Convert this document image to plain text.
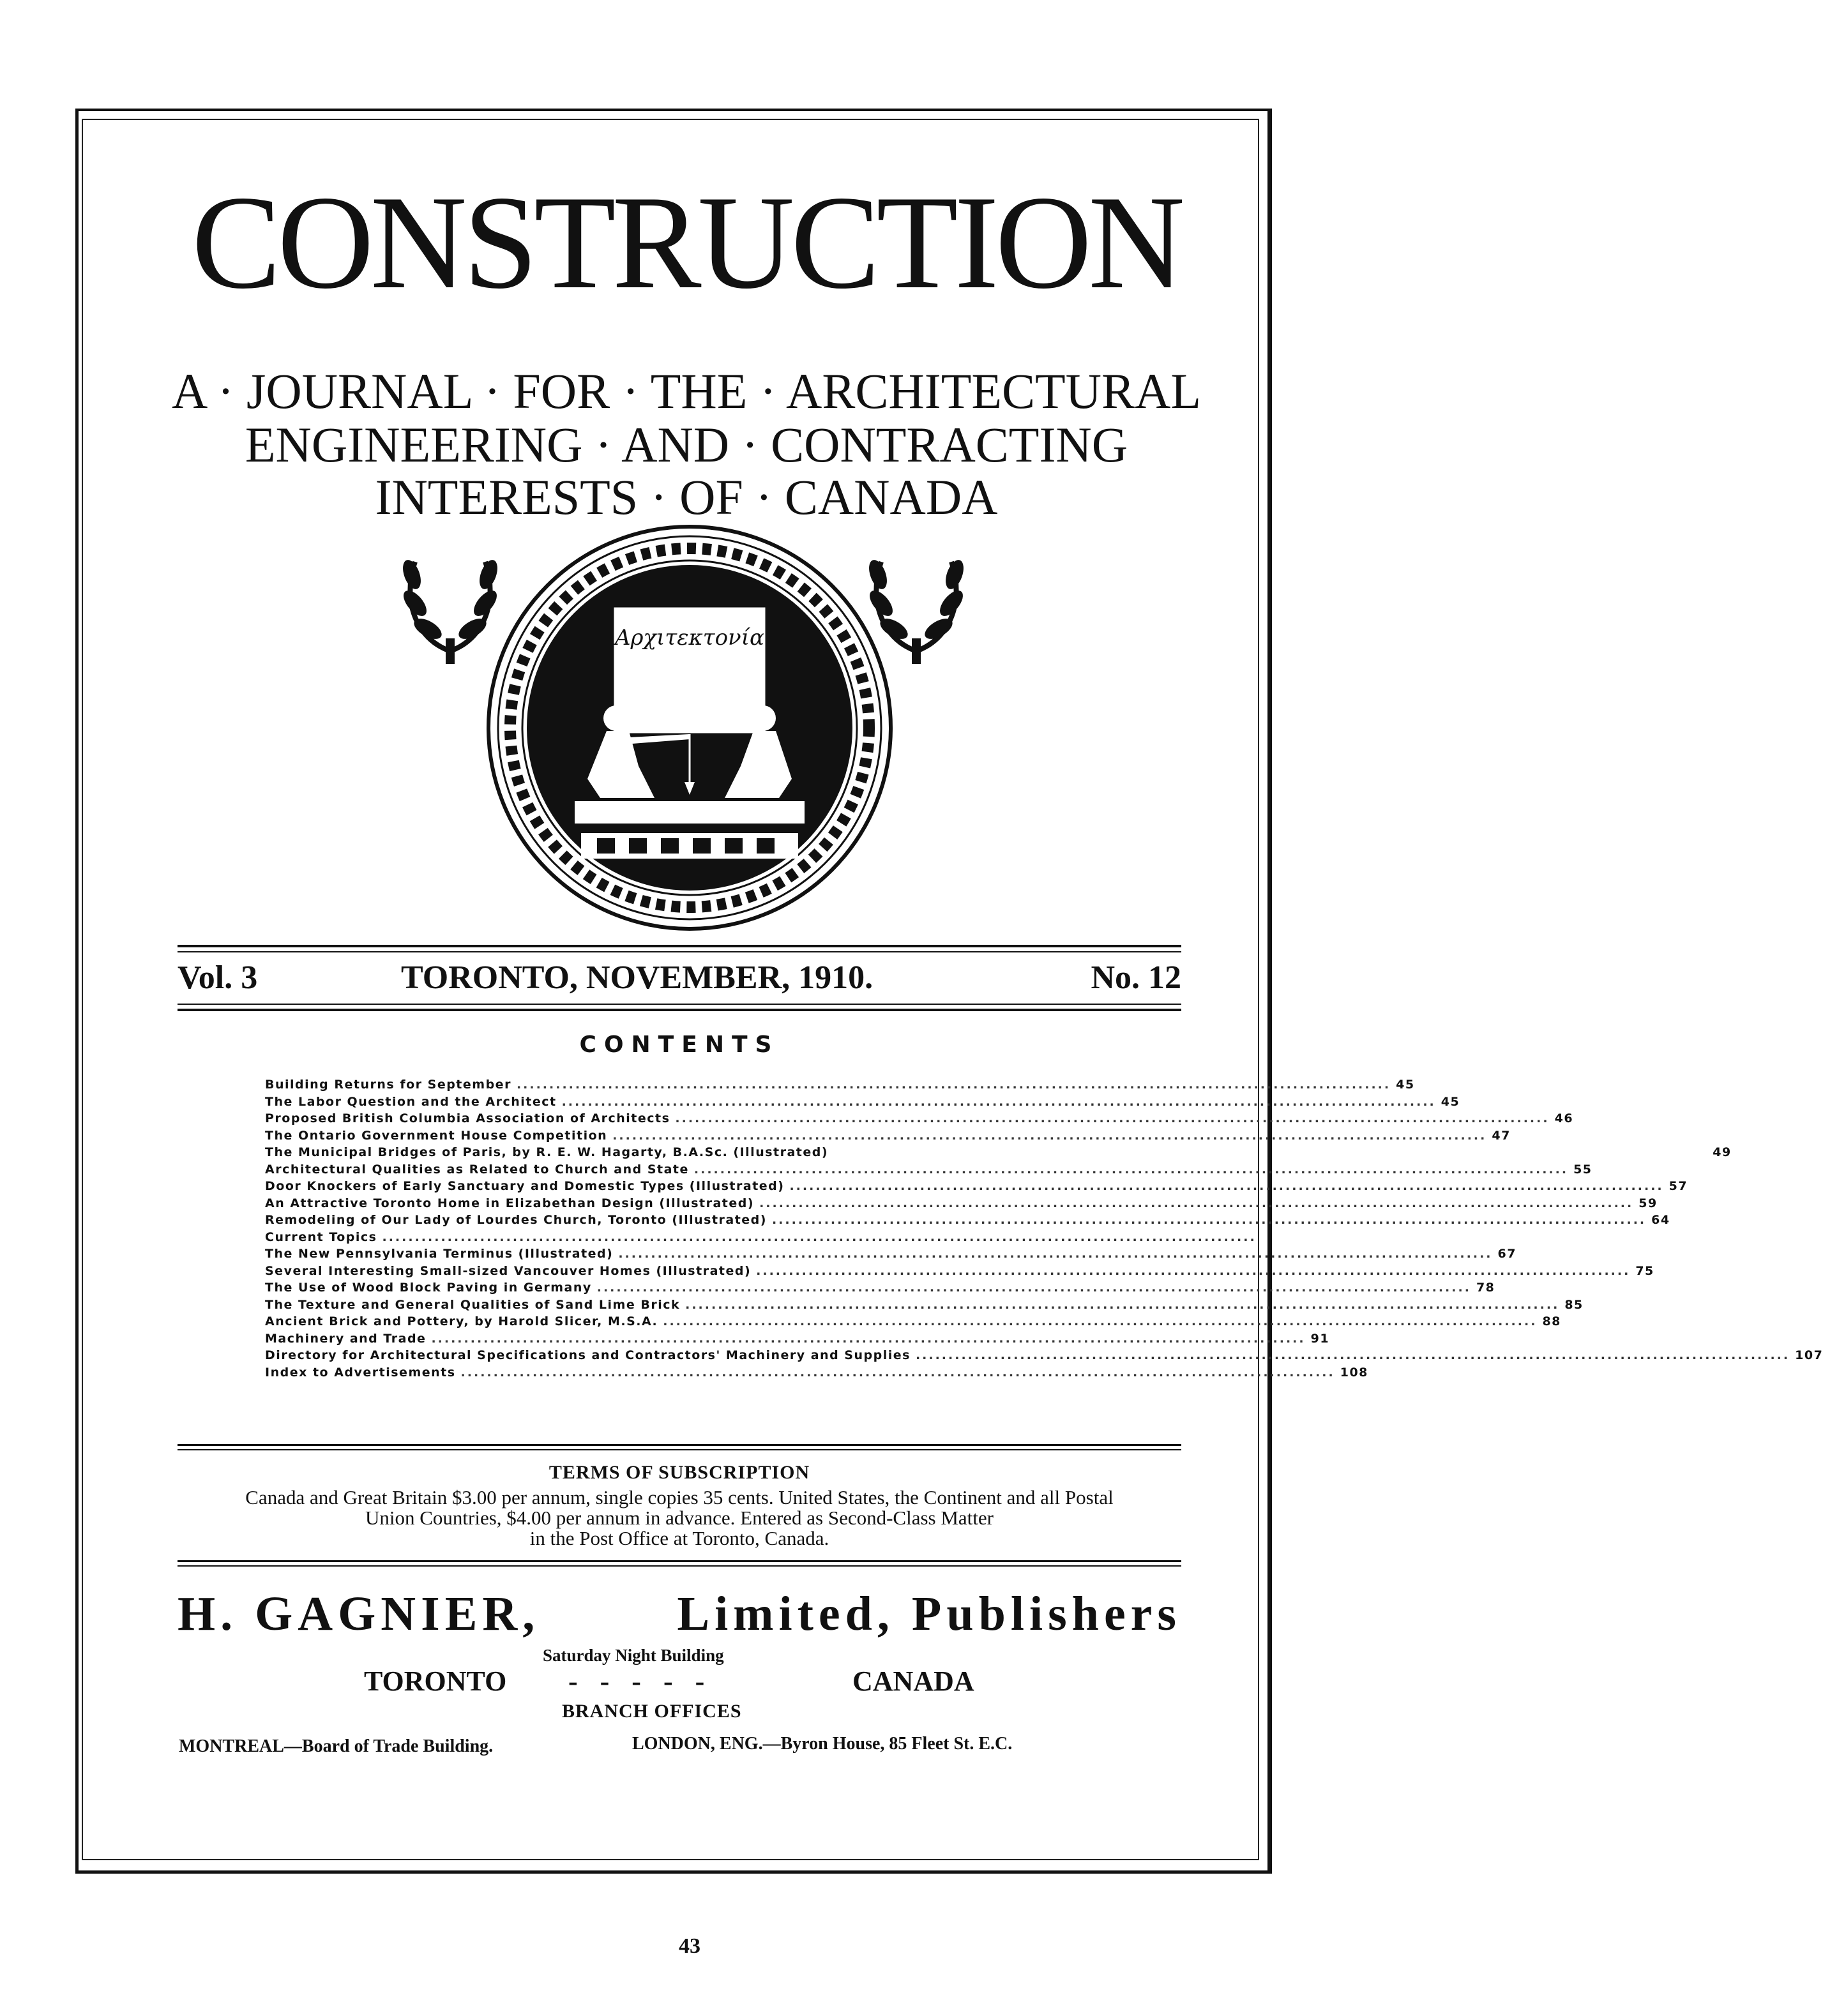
CONSTRUCTION
A · JOURNAL · FOR · THE · ARCHITECTURAL
ENGINEERING · AND · CONTRACTING
INTERESTS · OF · CANADA
Αρχιτεκτονία
Vol. 3	TORONTO, NOVEMBER, 1910.	No. 12
CONTENTS
Building Returns for September ...................................................................................................................................... 45
The Labor Question and the Architect ...................................................................................................................................... 45
Proposed British Columbia Association of Architects ...................................................................................................................................... 46
The Ontario Government House Competition ...................................................................................................................................... 47
The Municipal Bridges of Paris, by R. E. W. Hagarty, B.A.Sc. (Illustrated)	49
Architectural Qualities as Related to Church and State ...................................................................................................................................... 55
Door Knockers of Early Sanctuary and Domestic Types (Illustrated) ...................................................................................................................................... 57
An Attractive Toronto Home in Elizabethan Design (Illustrated) ...................................................................................................................................... 59
Remodeling of Our Lady of Lourdes Church, Toronto (Illustrated) ...................................................................................................................................... 64
Current Topics ......................................................................................................................................
The New Pennsylvania Terminus (Illustrated) ...................................................................................................................................... 67
Several Interesting Small-sized Vancouver Homes (Illustrated) ...................................................................................................................................... 75
The Use of Wood Block Paving in Germany ...................................................................................................................................... 78
The Texture and General Qualities of Sand Lime Brick ...................................................................................................................................... 85
Ancient Brick and Pottery, by Harold Slicer, M.S.A. ...................................................................................................................................... 88
Machinery and Trade ...................................................................................................................................... 91
Directory for Architectural Specifications and Contractors' Machinery and Supplies ...................................................................................................................................... 107
Index to Advertisements ...................................................................................................................................... 108
TERMS OF SUBSCRIPTION
Canada and Great Britain $3.00 per annum, single copies 35 cents. United States, the Continent and all Postal
Union Countries, $4.00 per annum in advance. Entered as Second-Class Matter
in the Post Office at Toronto, Canada.
H. GAGNIER,	Limited, Publishers
Saturday Night Building
TORONTO - - - - -	CANADA
BRANCH OFFICES
MONTREAL—Board of Trade Building.	LONDON, ENG.—Byron House, 85 Fleet St. E.C.
43
